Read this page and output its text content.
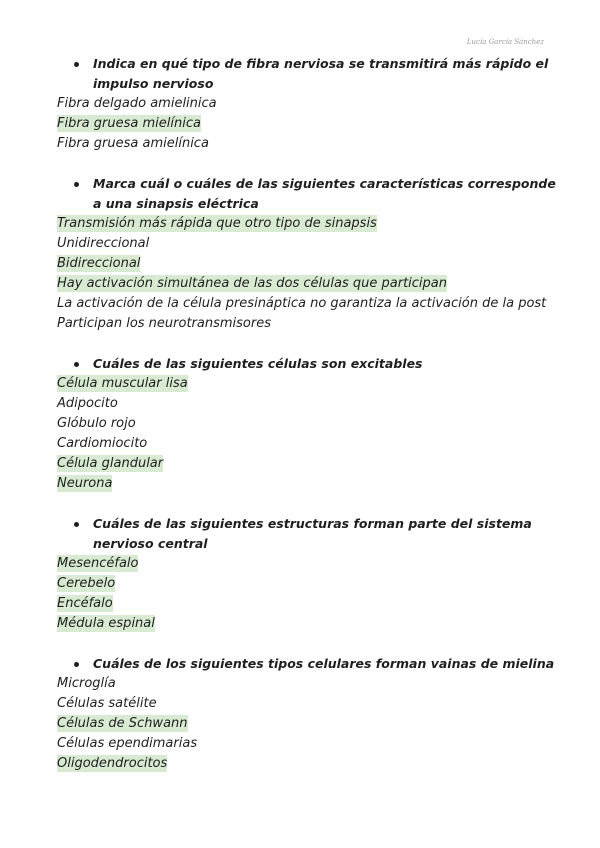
Lucía García Sánchez

Indica en qué tipo de fibra nerviosa se transmitirá más rápido el impulso nervioso

Fibra delgado amielinica
Fibra gruesa mielínica
Fibra gruesa amielínica

Marca cuál o cuáles de las siguientes características corresponde a una sinapsis eléctrica

Transmisión más rápida que otro tipo de sinapsis
Unidireccional
Bidireccional
Hay activación simultánea de las dos células que participan
La activación de la célula presináptica no garantiza la activación de la post
Participan los neurotransmisores

Cuáles de las siguientes células son excitables

Célula muscular lisa
Adipocito
Glóbulo rojo
Cardiomiocito
Célula glandular
Neurona

Cuáles de las siguientes estructuras forman parte del sistema nervioso central

Mesencéfalo
Cerebelo
Encéfalo
Médula espinal

Cuáles de los siguientes tipos celulares forman vainas de mielina

Microglía
Células satélite
Células de Schwann
Células ependimarias
Oligodendrocitos
